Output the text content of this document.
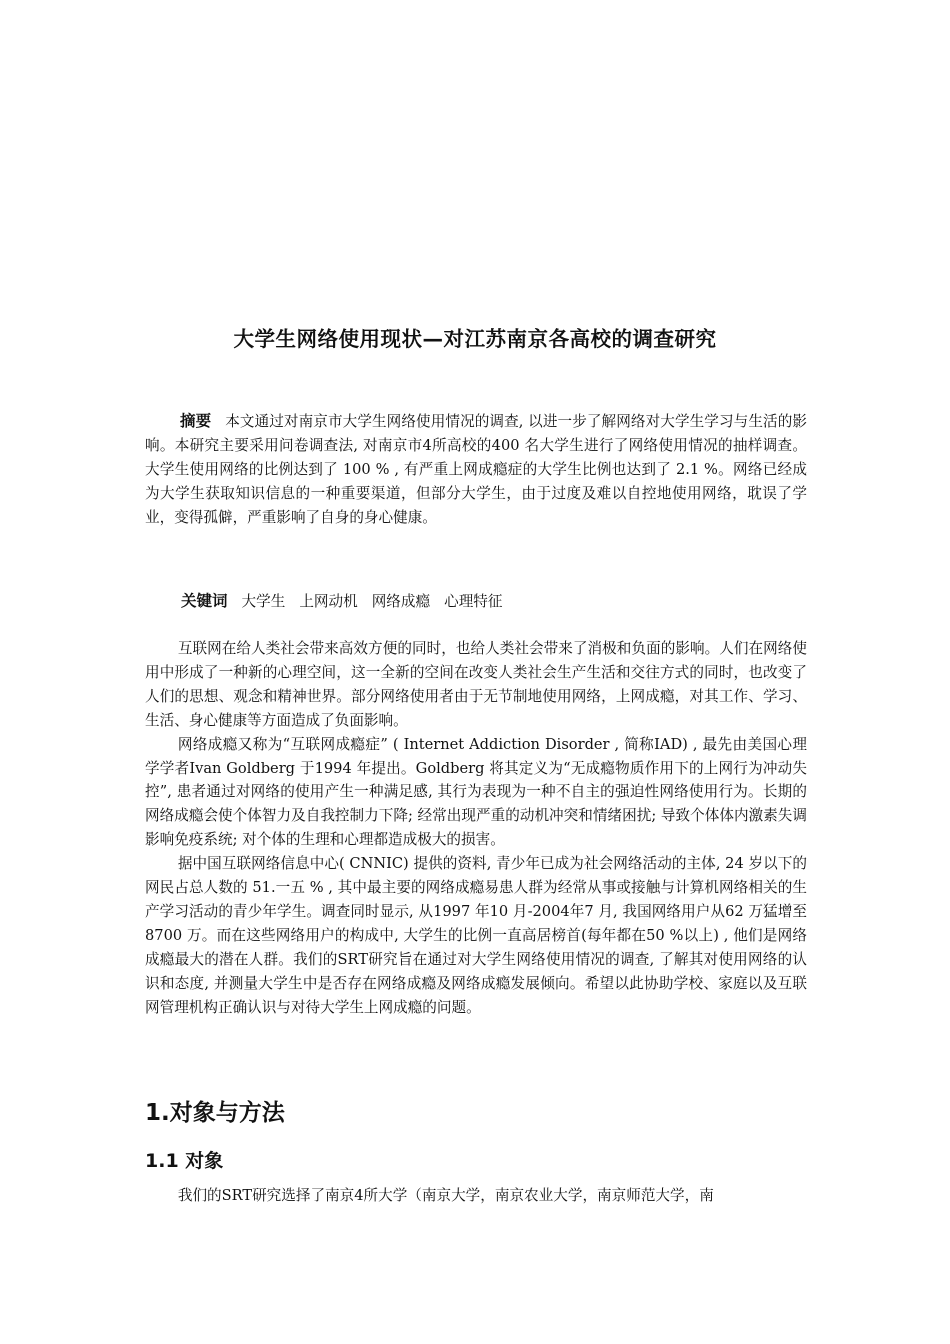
大学生网络使用现状—对江苏南京各高校的调查研究

摘要 本文通过对南京市大学生网络使用情况的调查, 以进一步了解网络对大学生学习与生活的影响。本研究主要采用问卷调查法, 对南京市4所高校的400 名大学生进行了网络使用情况的抽样调查。大学生使用网络的比例达到了 100 % , 有严重上网成瘾症的大学生比例也达到了 2.1 %。网络已经成为大学生获取知识信息的一种重要渠道，但部分大学生，由于过度及难以自控地使用网络，耽误了学业，变得孤僻，严重影响了自身的身心健康。

关键词 大学生 上网动机 网络成瘾 心理特征

互联网在给人类社会带来高效方便的同时，也给人类社会带来了消极和负面的影响。人们在网络使用中形成了一种新的心理空间，这一全新的空间在改变人类社会生产生活和交往方式的同时，也改变了人们的思想、观念和精神世界。部分网络使用者由于无节制地使用网络，上网成瘾，对其工作、学习、生活、身心健康等方面造成了负面影响。

网络成瘾又称为“互联网成瘾症” ( Internet Addiction Disorder , 简称IAD) , 最先由美国心理学学者Ivan Goldberg 于1994 年提出。Goldberg 将其定义为“无成瘾物质作用下的上网行为冲动失控”, 患者通过对网络的使用产生一种满足感, 其行为表现为一种不自主的强迫性网络使用行为。长期的网络成瘾会使个体智力及自我控制力下降; 经常出现严重的动机冲突和情绪困扰; 导致个体体内激素失调影响免疫系统; 对个体的生理和心理都造成极大的损害。

据中国互联网络信息中心( CNNIC) 提供的资料, 青少年已成为社会网络活动的主体, 24 岁以下的网民占总人数的 51.一五 % , 其中最主要的网络成瘾易患人群为经常从事或接触与计算机网络相关的生产学习活动的青少年学生。调查同时显示, 从1997 年10 月-2004年7 月, 我国网络用户从62 万猛增至8700 万。而在这些网络用户的构成中, 大学生的比例一直高居榜首(每年都在50 %以上) , 他们是网络成瘾最大的潜在人群。我们的SRT研究旨在通过对大学生网络使用情况的调查, 了解其对使用网络的认识和态度, 并测量大学生中是否存在网络成瘾及网络成瘾发展倾向。希望以此协助学校、家庭以及互联网管理机构正确认识与对待大学生上网成瘾的问题。

1.对象与方法
1.1 对象

我们的SRT研究选择了南京4所大学（南京大学，南京农业大学，南京师范大学，南
